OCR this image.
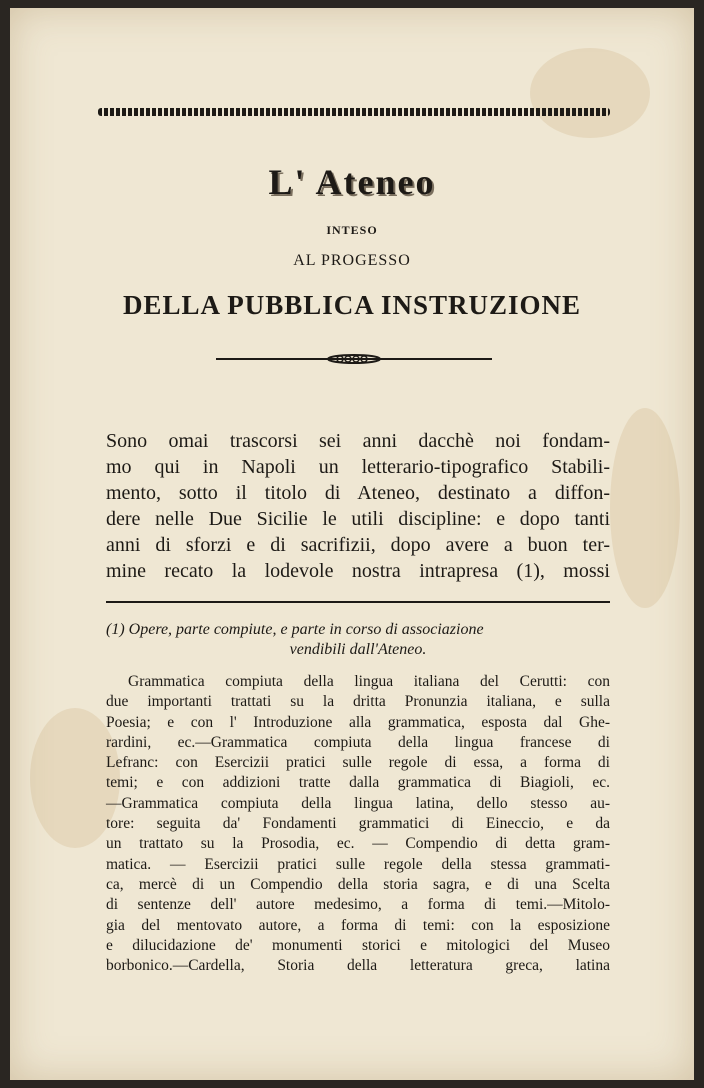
L' Ateneo
INTESO
AL PROGESSO
DELLA PUBBLICA INSTRUZIONE
Sono omai trascorsi sei anni dacchè noi fondam-
mo qui in Napoli un letterario-tipografico Stabili-
mento, sotto il titolo di Ateneo, destinato a diffon-
dere nelle Due Sicilie le utili discipline: e dopo tanti
anni di sforzi e di sacrifizii, dopo avere a buon ter-
mine recato la lodevole nostra intrapresa (1), mossi
(1) Opere, parte compiute, e parte in corso di associazione
vendibili dall'Ateneo.
Grammatica compiuta della lingua italiana del Cerutti: con
due importanti trattati su la dritta Pronunzia italiana, e sulla
Poesia; e con l' Introduzione alla grammatica, esposta dal Ghe-
rardini, ec.—Grammatica compiuta della lingua francese di
Lefranc: con Esercizii pratici sulle regole di essa, a forma di
temi; e con addizioni tratte dalla grammatica di Biagioli, ec.
—Grammatica compiuta della lingua latina, dello stesso au-
tore: seguita da' Fondamenti grammatici di Eineccio, e da
un trattato su la Prosodia, ec. — Compendio di detta gram-
matica. — Esercizii pratici sulle regole della stessa grammati-
ca, mercè di un Compendio della storia sagra, e di una Scelta
di sentenze dell' autore medesimo, a forma di temi.—Mitolo-
gia del mentovato autore, a forma di temi: con la esposizione
e dilucidazione de' monumenti storici e mitologici del Museo
borbonico.—Cardella, Storia della letteratura greca, latina
